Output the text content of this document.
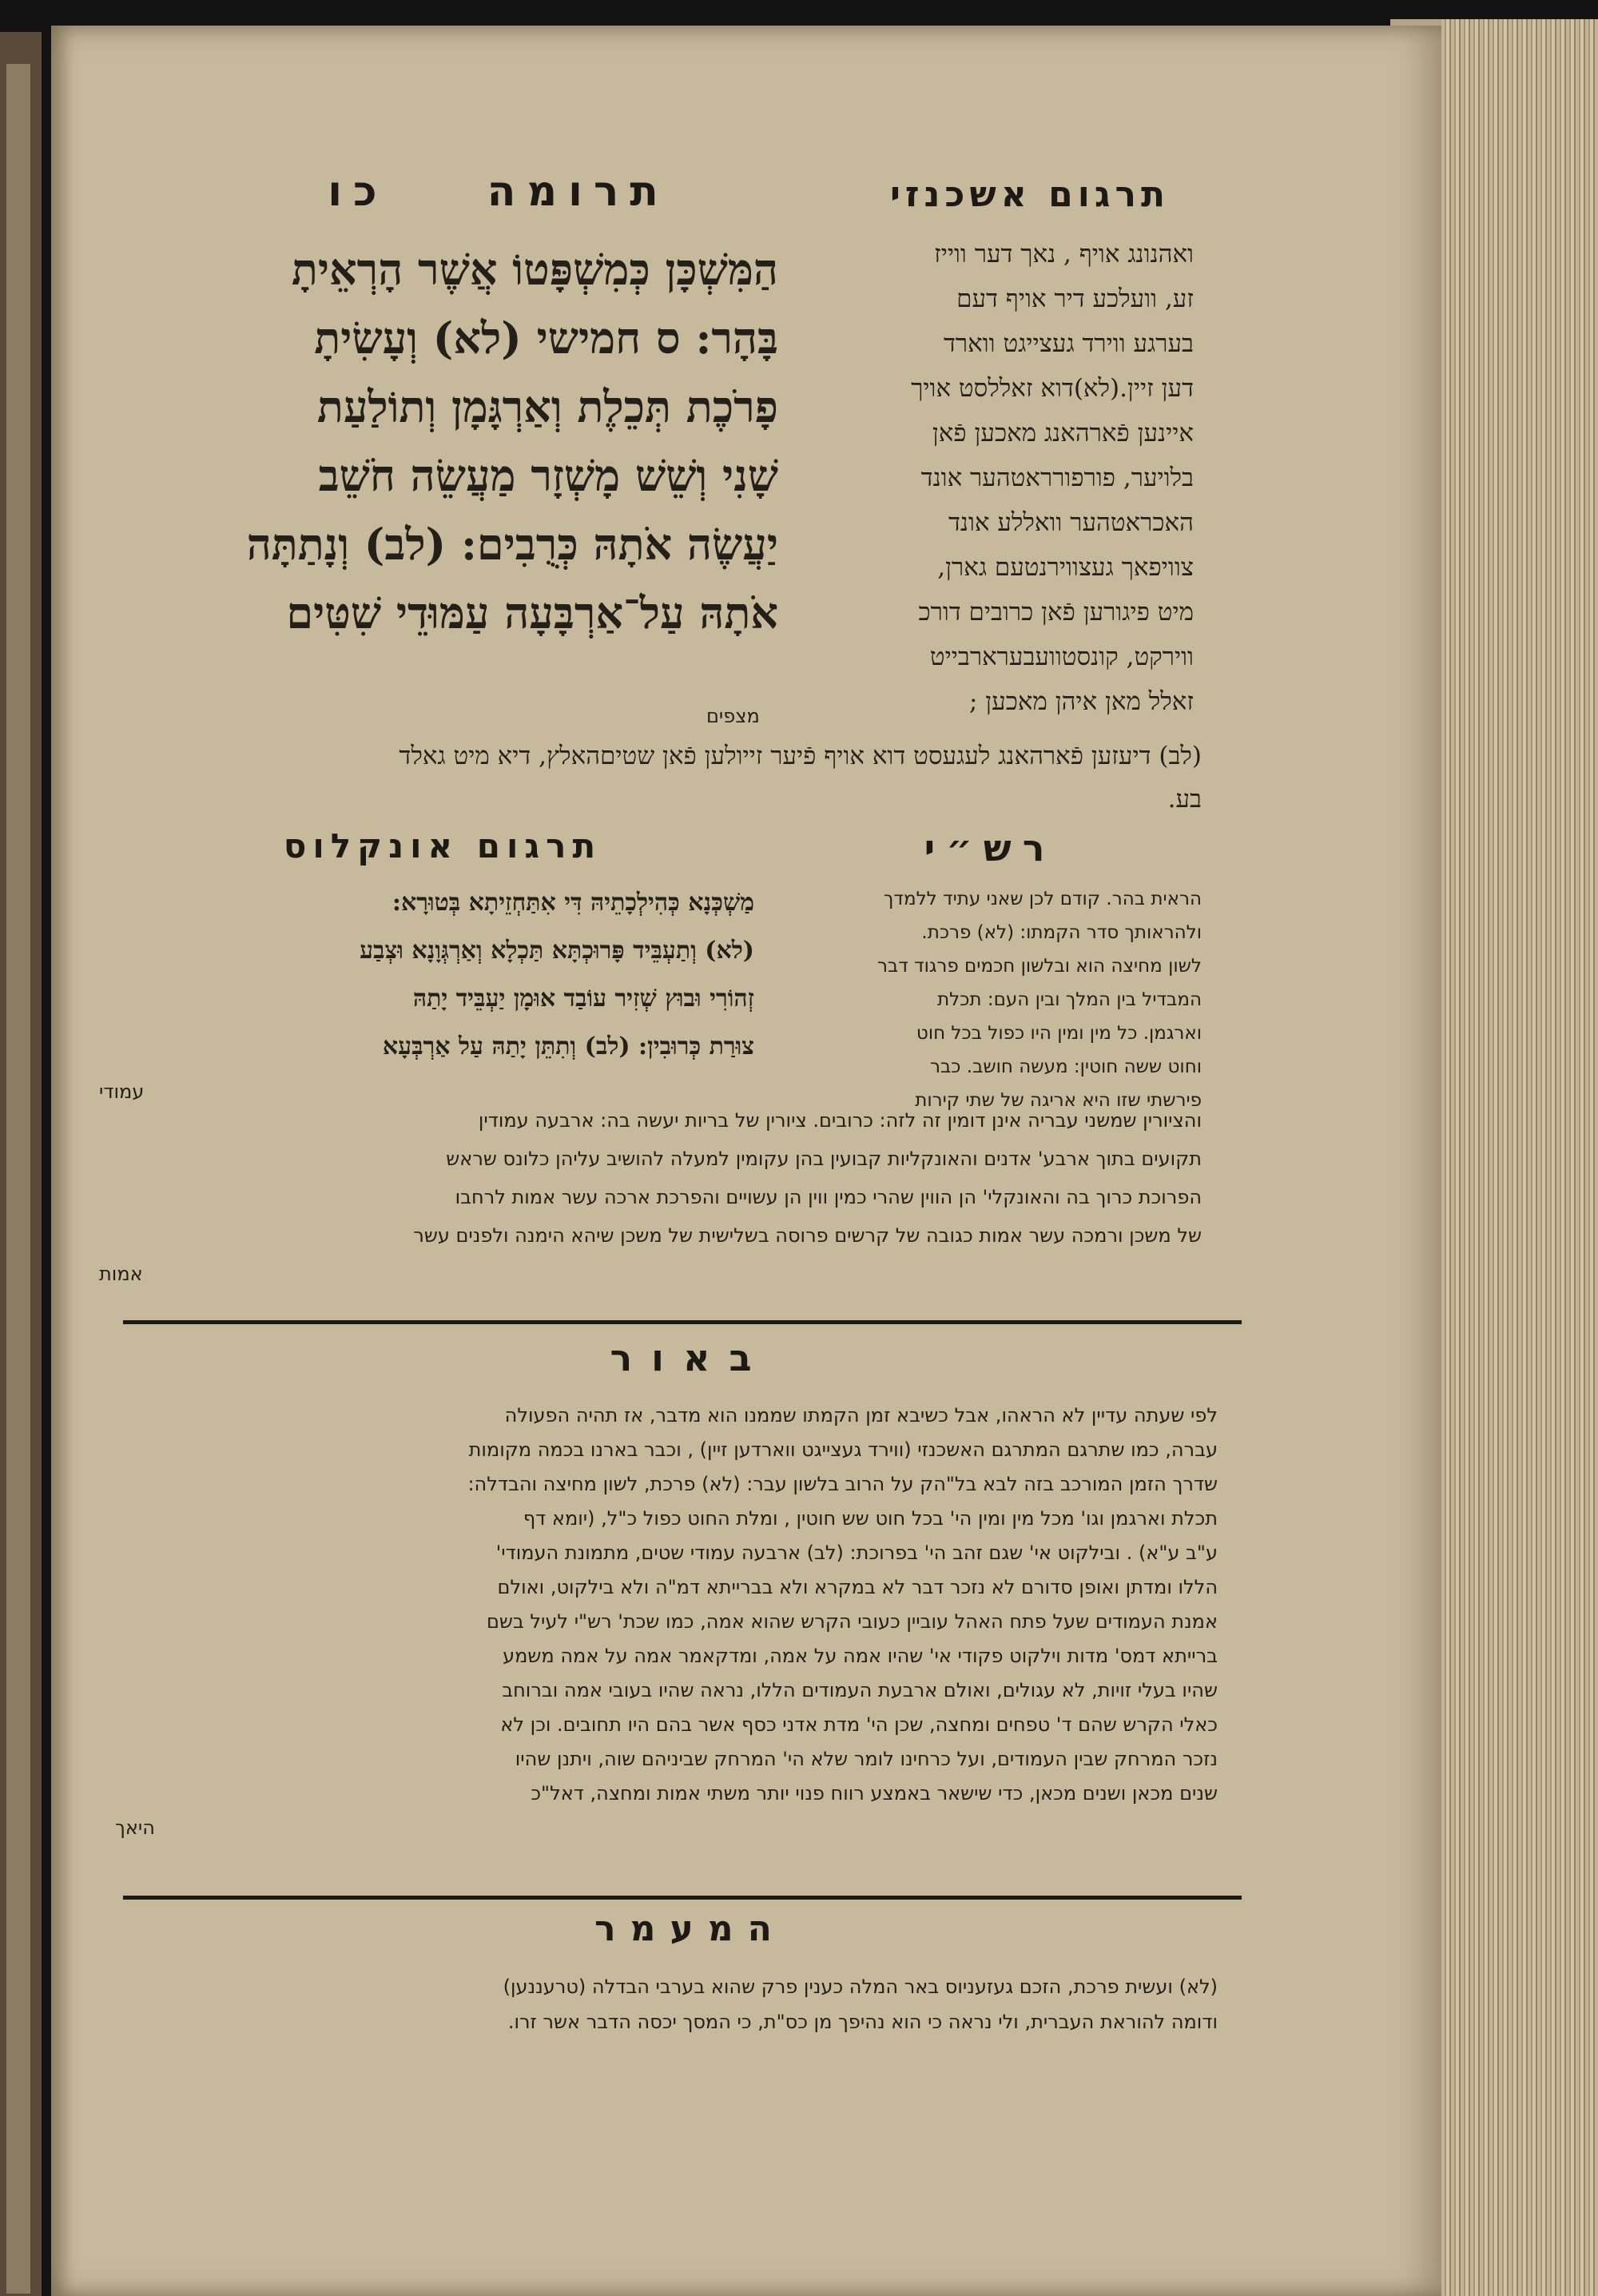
תרגום אשכנזי
תרומה  כו
ואהנונג אויף , נאך דער ווייז
זע, וועלכע דיר אויף דעם
בערגע ווירד געצייגט ווארד
דען זיין.(לא)דוא זאללסט אויך
איינען פֿארהאנג מאכען פֿאן
בלויער, פורפורראטהער אונד
האכראטהער וואללע אונד
צוויפאך געצווירנטעם גארן,
מיט פיגורען פֿאן כרובים דורכ
ווירקט, קונסטוועבערארבייט
זאלל מאן איהן מאכען ;
הַמִּשְׁכָּן כְּמִשְׁפָּטוֹ אֲשֶׁר הָרְאֵיתָ
בָּהָר: ס חמישי (לא) וְעָשִׂיתָ
פָרֹכֶת תְּכֵלֶת וְאַרְגָּמָן וְתוֹלַעַת
שָׁנִי וְשֵׁשׁ מָשְׁזָר מַעֲשֵׂה חֹשֵׁב
יַעֲשֶׂה אֹתָהּ כְּרֻבִים: (לב) וְנָתַתָּה
אֹתָהּ עַל־אַרְבָּעָה עַמּוּדֵי שִׁטִּים
מצפים
(לב) דיעזען פֿארהאנג לעגעסט דוא אויף פֿיער זייולען פֿאן שטיםהאלץ, דיא מיט גאלד
בע.
רש״י
תרגום אונקלוס
הראית בהר. קודם לכן שאני עתיד ללמדך
ולהראותך סדר הקמתו: (לא) פרכת.
לשון מחיצה הוא ובלשון חכמים פרגוד דבר
המבדיל בין המלך ובין העם: תכלת
וארגמן. כל מין ומין היו כפול בכל חוט
וחוט ששה חוטין: מעשה חושב. כבר
פירשתי שזו היא אריגה של שתי קירות
מַשְׁכְּנָא כְּהִילְכָתֵיהּ דִּי אִתַּחְזֵיתָא בְּטוּרָא:
(לא) וְתַעְבֵּיד פָּרוּכְתָּא תַּכְלָא וְאַרְגְּוָנָא וּצְבַע
זְהוֹרִי וּבוּץ שְׁזִיר עוֹבַד אוּמָן יַעְבֵּיד יָתַהּ
צוּרַת כְּרוּבִין: (לב) וְתִתֵּן יָתַהּ עַל אַרְבְּעָא
עמודי
והציורין שמשני עבריה אינן דומין זה לזה: כרובים. ציורין של בריות יעשה בה: ארבעה עמודין
תקועים בתוך ארבע' אדנים והאונקליות קבועין בהן עקומין למעלה להושיב עליהן כלונס שראש
הפרוכת כרוך בה והאונקלי' הן הווין שהרי כמין ווין הן עשויים והפרכת ארכה עשר אמות לרחבו
של משכן ורמכה עשר אמות כגובה של קרשים פרוסה בשלישית של משכן שיהא הימנה ולפנים עשר
אמות
באור
לפי שעתה עדיין לא הראהו, אבל כשיבא זמן הקמתו שממנו הוא מדבר, אז תהיה הפעולה
עברה, כמו שתרגם המתרגם האשכנזי (ווירד געצייגט ווארדען זיין) , וכבר בארנו בכמה מקומות
שדרך הזמן המורכב בזה לבא בל"הק על הרוב בלשון עבר: (לא) פרכת, לשון מחיצה והבדלה:
תכלת וארגמן וגו' מכל מין ומין הי' בכל חוט שש חוטין , ומלת החוט כפול כ"ל, (יומא דף
ע"ב ע"א) . ובילקוט אי' שגם זהב הי' בפרוכת: (לב) ארבעה עמודי שטים, מתמונת העמודי'
הללו ומדתן ואופן סדורם לא נזכר דבר לא במקרא ולא בברייתא דמ"ה ולא בילקוט, ואולם
אמנת העמודים שעל פתח האהל עוביין כעובי הקרש שהוא אמה, כמו שכת' רש"י לעיל בשם
ברייתא דמס' מדות וילקוט פקודי אי' שהיו אמה על אמה, ומדקאמר אמה על אמה משמע
שהיו בעלי זויות, לא עגולים, ואולם ארבעת העמודים הללו, נראה שהיו בעובי אמה וברוחב
כאלי הקרש שהם ד' טפחים ומחצה, שכן הי' מדת אדני כסף אשר בהם היו תחובים. וכן לא
נזכר המרחק שבין העמודים, ועל כרחינו לומר שלא הי' המרחק שביניהם שוה, ויתנן שהיו
שנים מכאן ושנים מכאן, כדי שישאר באמצע רווח פנוי יותר משתי אמות ומחצה, דאל"כ
היאך
המעמר
(לא) ועשית פרכת, הזכם געזעניוס באר המלה כענין פרק שהוא בערבי הבדלה (טרעננען)
ודומה להוראת העברית, ולי נראה כי הוא נהיפך מן כס"ת, כי המסך יכסה הדבר אשר זרו.
